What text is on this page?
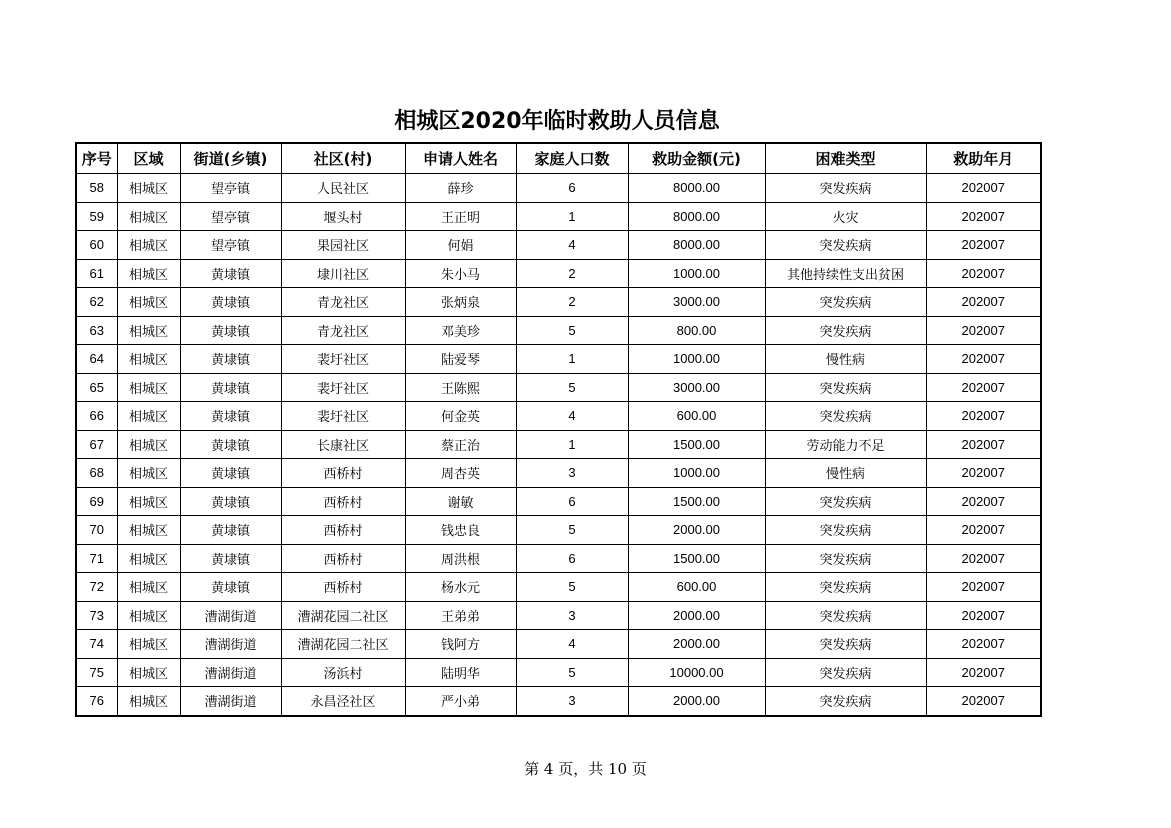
相城区2020年临时救助人员信息
序号	区域	街道(乡镇)	社区(村)	申请人姓名	家庭人口数	救助金额(元)	困难类型	救助年月
58	相城区	望亭镇	人民社区	薛珍	6	8000.00	突发疾病	202007
59	相城区	望亭镇	堰头村	王正明	1	8000.00	火灾	202007
60	相城区	望亭镇	果园社区	何娟	4	8000.00	突发疾病	202007
61	相城区	黄埭镇	埭川社区	朱小马	2	1000.00	其他持续性支出贫困	202007
62	相城区	黄埭镇	青龙社区	张炳泉	2	3000.00	突发疾病	202007
63	相城区	黄埭镇	青龙社区	邓美珍	5	800.00	突发疾病	202007
64	相城区	黄埭镇	裴圩社区	陆爱琴	1	1000.00	慢性病	202007
65	相城区	黄埭镇	裴圩社区	王陈熙	5	3000.00	突发疾病	202007
66	相城区	黄埭镇	裴圩社区	何金英	4	600.00	突发疾病	202007
67	相城区	黄埭镇	长康社区	蔡正治	1	1500.00	劳动能力不足	202007
68	相城区	黄埭镇	西桥村	周杏英	3	1000.00	慢性病	202007
69	相城区	黄埭镇	西桥村	谢敏	6	1500.00	突发疾病	202007
70	相城区	黄埭镇	西桥村	钱忠良	5	2000.00	突发疾病	202007
71	相城区	黄埭镇	西桥村	周洪根	6	1500.00	突发疾病	202007
72	相城区	黄埭镇	西桥村	杨水元	5	600.00	突发疾病	202007
73	相城区	漕湖街道	漕湖花园二社区	王弟弟	3	2000.00	突发疾病	202007
74	相城区	漕湖街道	漕湖花园二社区	钱阿方	4	2000.00	突发疾病	202007
75	相城区	漕湖街道	汤浜村	陆明华	5	10000.00	突发疾病	202007
76	相城区	漕湖街道	永昌泾社区	严小弟	3	2000.00	突发疾病	202007
第 4 页，共 10 页
